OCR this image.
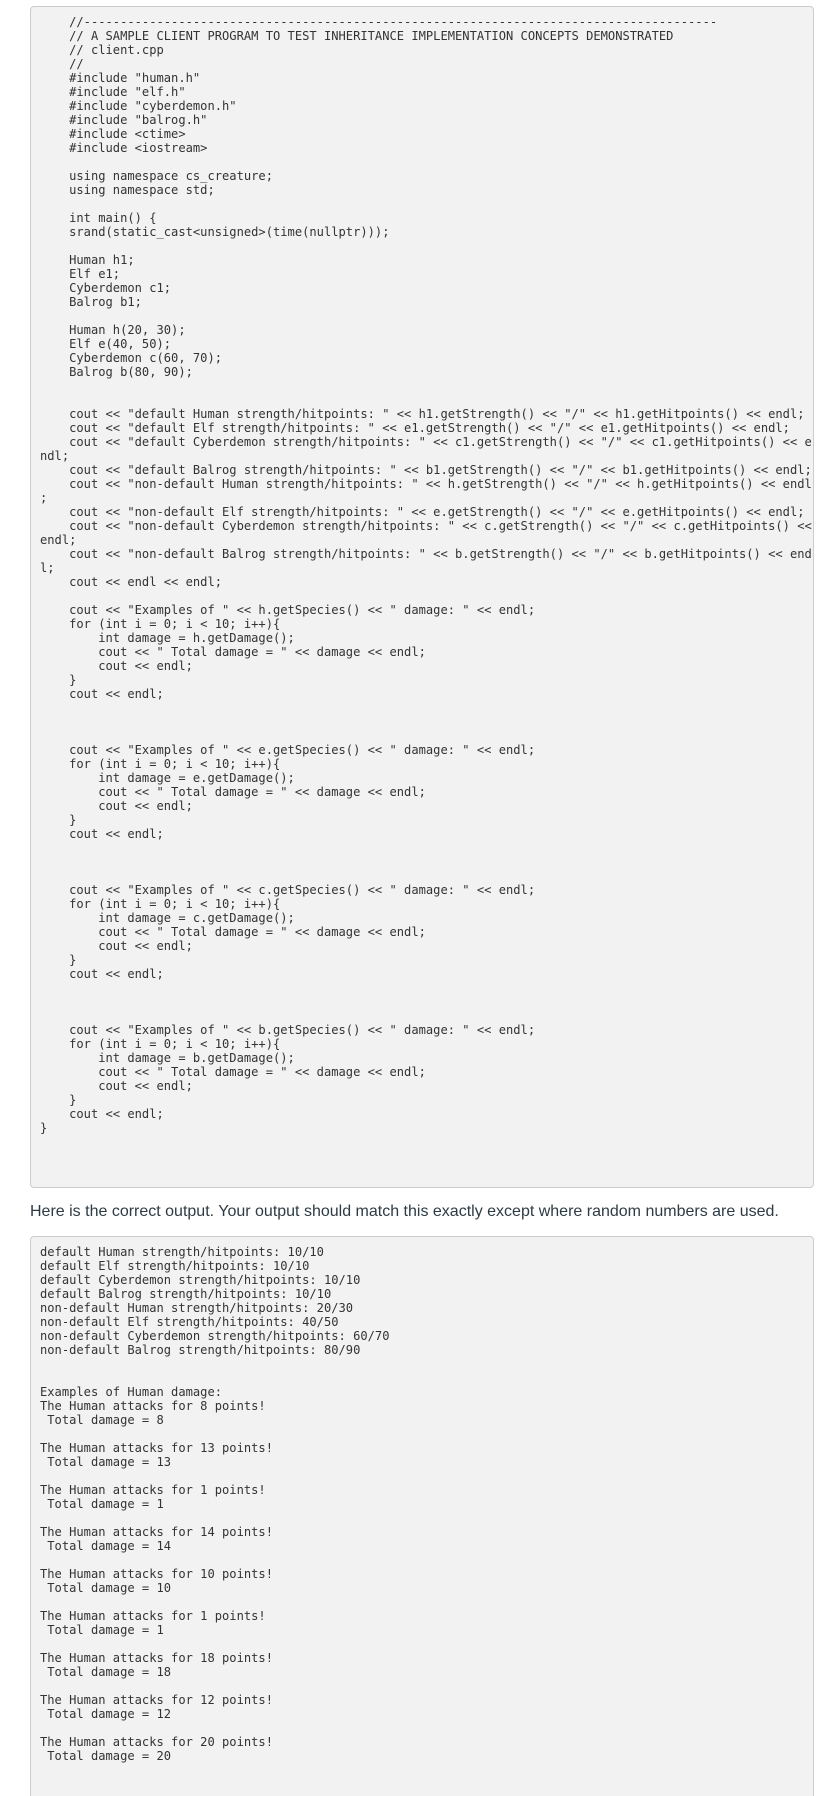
//---------------------------------------------------------------------------------------
// A SAMPLE CLIENT PROGRAM TO TEST INHERITANCE IMPLEMENTATION CONCEPTS DEMONSTRATED
// client.cpp
//
#include "human.h"
#include "elf.h"
#include "cyberdemon.h"
#include "balrog.h"
#include <ctime>
#include <iostream>

using namespace cs_creature;
using namespace std;

int main() {
srand(static_cast<unsigned>(time(nullptr)));

Human h1;
Elf e1;
Cyberdemon c1;
Balrog b1;

Human h(20, 30);
Elf e(40, 50);
Cyberdemon c(60, 70);
Balrog b(80, 90);

cout << "default Human strength/hitpoints: " << h1.getStrength() << "/" << h1.getHitpoints() << endl;
cout << "default Elf strength/hitpoints: " << e1.getStrength() << "/" << e1.getHitpoints() << endl;
cout << "default Cyberdemon strength/hitpoints: " << c1.getStrength() << "/" << c1.getHitpoints() << e
ndl;
cout << "default Balrog strength/hitpoints: " << b1.getStrength() << "/" << b1.getHitpoints() << endl;
cout << "non-default Human strength/hitpoints: " << h.getStrength() << "/" << h.getHitpoints() << endl
;
cout << "non-default Elf strength/hitpoints: " << e.getStrength() << "/" << e.getHitpoints() << endl;
cout << "non-default Cyberdemon strength/hitpoints: " << c.getStrength() << "/" << c.getHitpoints() <<
endl;
cout << "non-default Balrog strength/hitpoints: " << b.getStrength() << "/" << b.getHitpoints() << end
l;
cout << endl << endl;

cout << "Examples of " << h.getSpecies() << " damage: " << endl;
for (int i = 0; i < 10; i++){
int damage = h.getDamage();
cout << " Total damage = " << damage << endl;
cout << endl;
}
cout << endl;

cout << "Examples of " << e.getSpecies() << " damage: " << endl;
for (int i = 0; i < 10; i++){
int damage = e.getDamage();
cout << " Total damage = " << damage << endl;
cout << endl;
}
cout << endl;

cout << "Examples of " << c.getSpecies() << " damage: " << endl;
for (int i = 0; i < 10; i++){
int damage = c.getDamage();
cout << " Total damage = " << damage << endl;
cout << endl;
}
cout << endl;

cout << "Examples of " << b.getSpecies() << " damage: " << endl;
for (int i = 0; i < 10; i++){
int damage = b.getDamage();
cout << " Total damage = " << damage << endl;
cout << endl;
}
cout << endl;
}

Here is the correct output. Your output should match this exactly except where random numbers are used.

default Human strength/hitpoints: 10/10
default Elf strength/hitpoints: 10/10
default Cyberdemon strength/hitpoints: 10/10
default Balrog strength/hitpoints: 10/10
non-default Human strength/hitpoints: 20/30
non-default Elf strength/hitpoints: 40/50
non-default Cyberdemon strength/hitpoints: 60/70
non-default Balrog strength/hitpoints: 80/90

Examples of Human damage:
The Human attacks for 8 points!
Total damage = 8

The Human attacks for 13 points!
Total damage = 13

The Human attacks for 1 points!
Total damage = 1

The Human attacks for 14 points!
Total damage = 14

The Human attacks for 10 points!
Total damage = 10

The Human attacks for 1 points!
Total damage = 1

The Human attacks for 18 points!
Total damage = 18

The Human attacks for 12 points!
Total damage = 12

The Human attacks for 20 points!
Total damage = 20
